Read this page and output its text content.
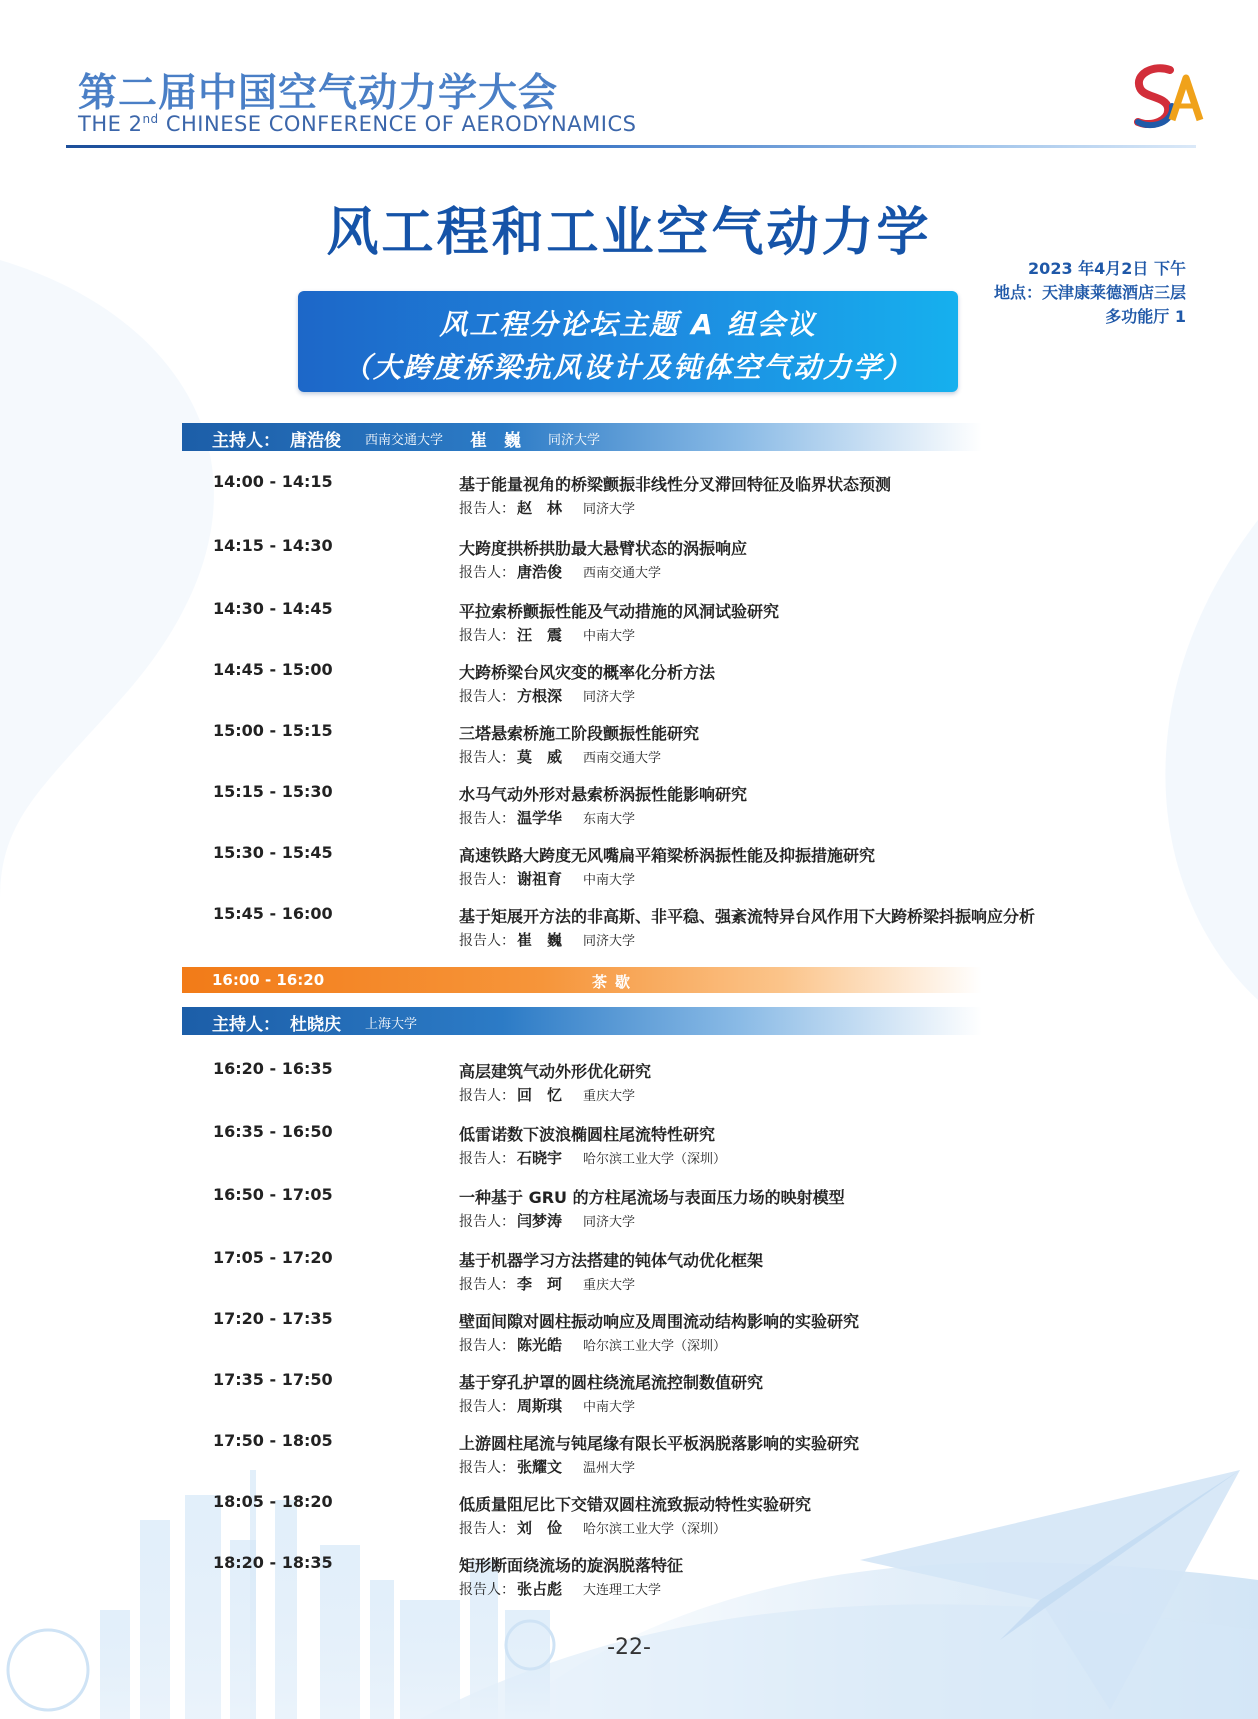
第二届中国空气动力学大会
THE 2nd CHINESE CONFERENCE OF AERODYNAMICS
风工程和工业空气动力学
2023 年4月2日 下午
地点：天津康莱德酒店三层
多功能厅 1
风工程分论坛主题 A 组会议
（大跨度桥梁抗风设计及钝体空气动力学）
主持人： 唐浩俊 西南交通大学 崔　巍 同济大学
14:00 - 14:15	基于能量视角的桥梁颤振非线性分叉滞回特征及临界状态预测
报告人： 赵　林 同济大学
14:15 - 14:30	大跨度拱桥拱肋最大悬臂状态的涡振响应
报告人： 唐浩俊 西南交通大学
14:30 - 14:45	平拉索桥颤振性能及气动措施的风洞试验研究
报告人： 汪　震 中南大学
14:45 - 15:00	大跨桥梁台风灾变的概率化分析方法
报告人： 方根深 同济大学
15:00 - 15:15	三塔悬索桥施工阶段颤振性能研究
报告人： 莫　威 西南交通大学
15:15 - 15:30	水马气动外形对悬索桥涡振性能影响研究
报告人： 温学华 东南大学
15:30 - 15:45	高速铁路大跨度无风嘴扁平箱梁桥涡振性能及抑振措施研究
报告人： 谢祖育 中南大学
15:45 - 16:00	基于矩展开方法的非高斯、非平稳、强紊流特异台风作用下大跨桥梁抖振响应分析
报告人： 崔　巍 同济大学
16:00 - 16:20	茶歇
主持人： 杜晓庆 上海大学
16:20 - 16:35	高层建筑气动外形优化研究
报告人： 回　忆 重庆大学
16:35 - 16:50	低雷诺数下波浪椭圆柱尾流特性研究
报告人： 石晓宇 哈尔滨工业大学（深圳）
16:50 - 17:05	一种基于 GRU 的方柱尾流场与表面压力场的映射模型
报告人： 闫梦涛 同济大学
17:05 - 17:20	基于机器学习方法搭建的钝体气动优化框架
报告人： 李　珂 重庆大学
17:20 - 17:35	壁面间隙对圆柱振动响应及周围流动结构影响的实验研究
报告人： 陈光皓 哈尔滨工业大学（深圳）
17:35 - 17:50	基于穿孔护罩的圆柱绕流尾流控制数值研究
报告人： 周斯琪 中南大学
17:50 - 18:05	上游圆柱尾流与钝尾缘有限长平板涡脱落影响的实验研究
报告人： 张耀文 温州大学
18:05 - 18:20	低质量阻尼比下交错双圆柱流致振动特性实验研究
报告人： 刘　俭 哈尔滨工业大学（深圳）
18:20 - 18:35	矩形断面绕流场的旋涡脱落特征
报告人： 张占彪 大连理工大学
-22-
